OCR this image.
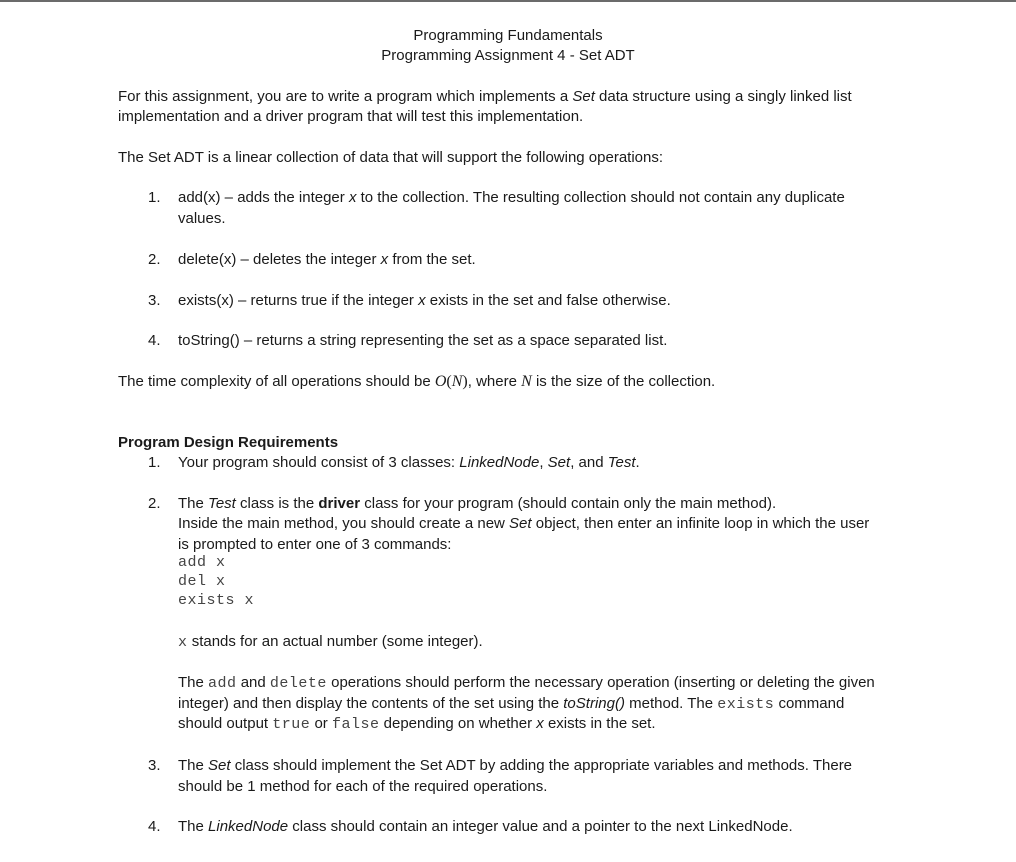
Programming Fundamentals
Programming Assignment 4 - Set ADT
For this assignment, you are to write a program which implements a Set data structure using a singly linked list
implementation and a driver program that will test this implementation.
The Set ADT is a linear collection of data that will support the following operations:
1. add(x) – adds the integer x to the collection. The resulting collection should not contain any duplicate
values.
2. delete(x) – deletes the integer x from the set.
3. exists(x) – returns true if the integer x exists in the set and false otherwise.
4. toString() – returns a string representing the set as a space separated list.
The time complexity of all operations should be O(N), where N is the size of the collection.
Program Design Requirements
1. Your program should consist of 3 classes: LinkedNode, Set, and Test.
2. The Test class is the driver class for your program (should contain only the main method).
Inside the main method, you should create a new Set object, then enter an infinite loop in which the user
is prompted to enter one of 3 commands:
add x
del x
exists x
x stands for an actual number (some integer).
The add and delete operations should perform the necessary operation (inserting or deleting the given
integer) and then display the contents of the set using the toString() method. The exists command
should output true or false depending on whether x exists in the set.
3. The Set class should implement the Set ADT by adding the appropriate variables and methods. There
should be 1 method for each of the required operations.
4. The LinkedNode class should contain an integer value and a pointer to the next LinkedNode.
